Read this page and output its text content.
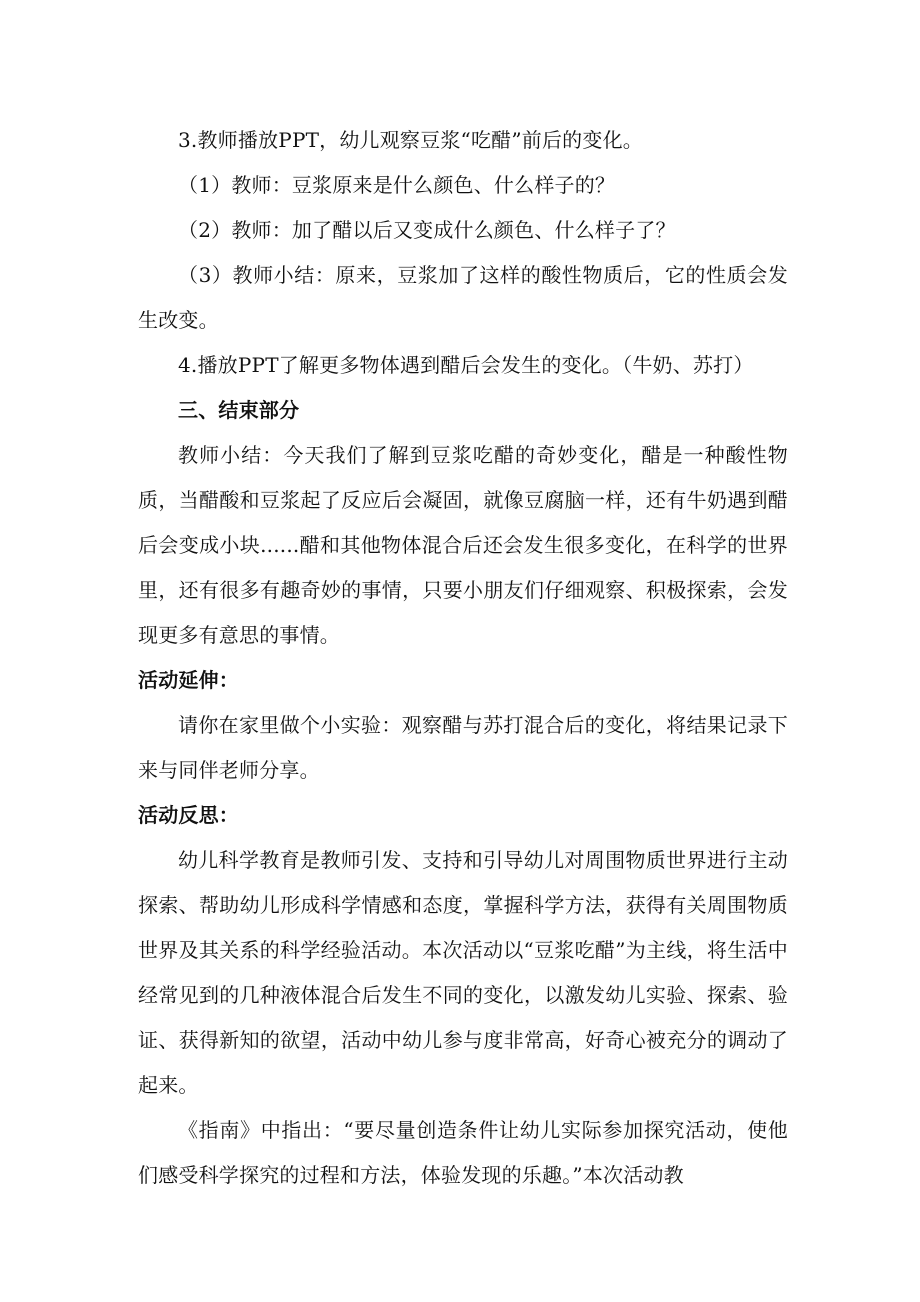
3.教师播放PPT，幼儿观察豆浆“吃醋”前后的变化。

（1）教师：豆浆原来是什么颜色、什么样子的？

（2）教师：加了醋以后又变成什么颜色、什么样子了？

（3）教师小结：原来，豆浆加了这样的酸性物质后，它的性质会发生改变。

4.播放PPT了解更多物体遇到醋后会发生的变化。（牛奶、苏打）

三、结束部分

教师小结：今天我们了解到豆浆吃醋的奇妙变化，醋是一种酸性物质，当醋酸和豆浆起了反应后会凝固，就像豆腐脑一样，还有牛奶遇到醋后会变成小块......醋和其他物体混合后还会发生很多变化，在科学的世界里，还有很多有趣奇妙的事情，只要小朋友们仔细观察、积极探索，会发现更多有意思的事情。

活动延伸：

请你在家里做个小实验：观察醋与苏打混合后的变化，将结果记录下来与同伴老师分享。

活动反思：

幼儿科学教育是教师引发、支持和引导幼儿对周围物质世界进行主动探索、帮助幼儿形成科学情感和态度，掌握科学方法，获得有关周围物质世界及其关系的科学经验活动。本次活动以“豆浆吃醋”为主线，将生活中经常见到的几种液体混合后发生不同的变化，以激发幼儿实验、探索、验证、获得新知的欲望，活动中幼儿参与度非常高，好奇心被充分的调动了起来。

《指南》中指出：“要尽量创造条件让幼儿实际参加探究活动，使他们感受科学探究的过程和方法，体验发现的乐趣。”本次活动教
